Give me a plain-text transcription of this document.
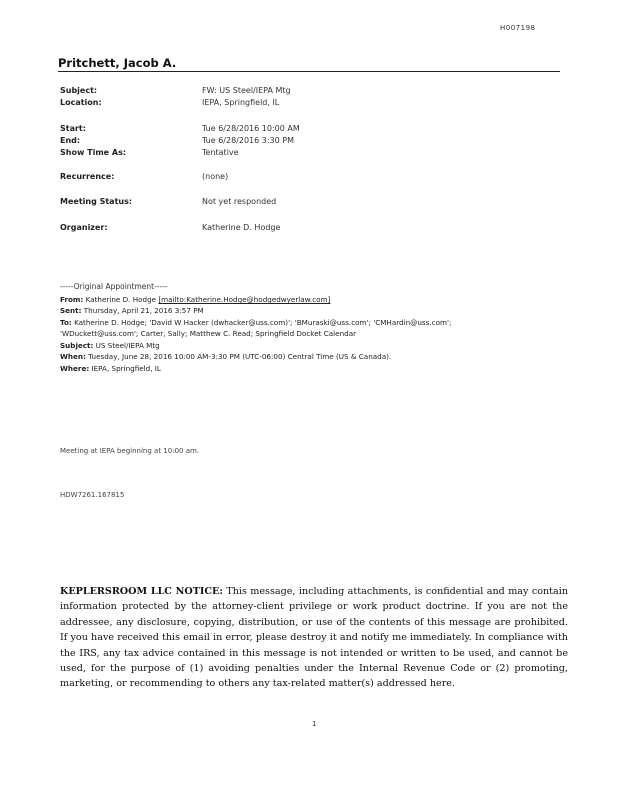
H007198
Pritchett, Jacob A.
Subject:	FW: US Steel/IEPA Mtg
Location:	IEPA, Springfield, IL
Start:	Tue 6/28/2016 10:00 AM
End:	Tue 6/28/2016 3:30 PM
Show Time As:	Tentative
Recurrence:	(none)
Meeting Status:	Not yet responded
Organizer:	Katherine D. Hodge
-----Original Appointment-----
From: Katherine D. Hodge [mailto:Katherine.Hodge@hodgedwyerlaw.com]
Sent: Thursday, April 21, 2016 3:57 PM
To: Katherine D. Hodge; 'David W Hacker (dwhacker@uss.com)'; 'BMuraski@uss.com'; 'CMHardin@uss.com';
'WDuckett@uss.com'; Carter, Sally; Matthew C. Read; Springfield Docket Calendar
Subject: US Steel/IEPA Mtg
When: Tuesday, June 28, 2016 10:00 AM-3:30 PM (UTC-06:00) Central Time (US & Canada).
Where: IEPA, Springfield, IL
Meeting at IEPA beginning at 10:00 am.
HDW7261.167815
KEPLERSROOM LLC NOTICE: This message, including attachments, is confidential and may contain information protected by the attorney-client privilege or work product doctrine. If you are not the addressee, any disclosure, copying, distribution, or use of the contents of this message are prohibited. If you have received this email in error, please destroy it and notify me immediately. In compliance with the IRS, any tax advice contained in this message is not intended or written to be used, and cannot be used, for the purpose of (1) avoiding penalties under the Internal Revenue Code or (2) promoting, marketing, or recommending to others any tax-related matter(s) addressed here.
1
